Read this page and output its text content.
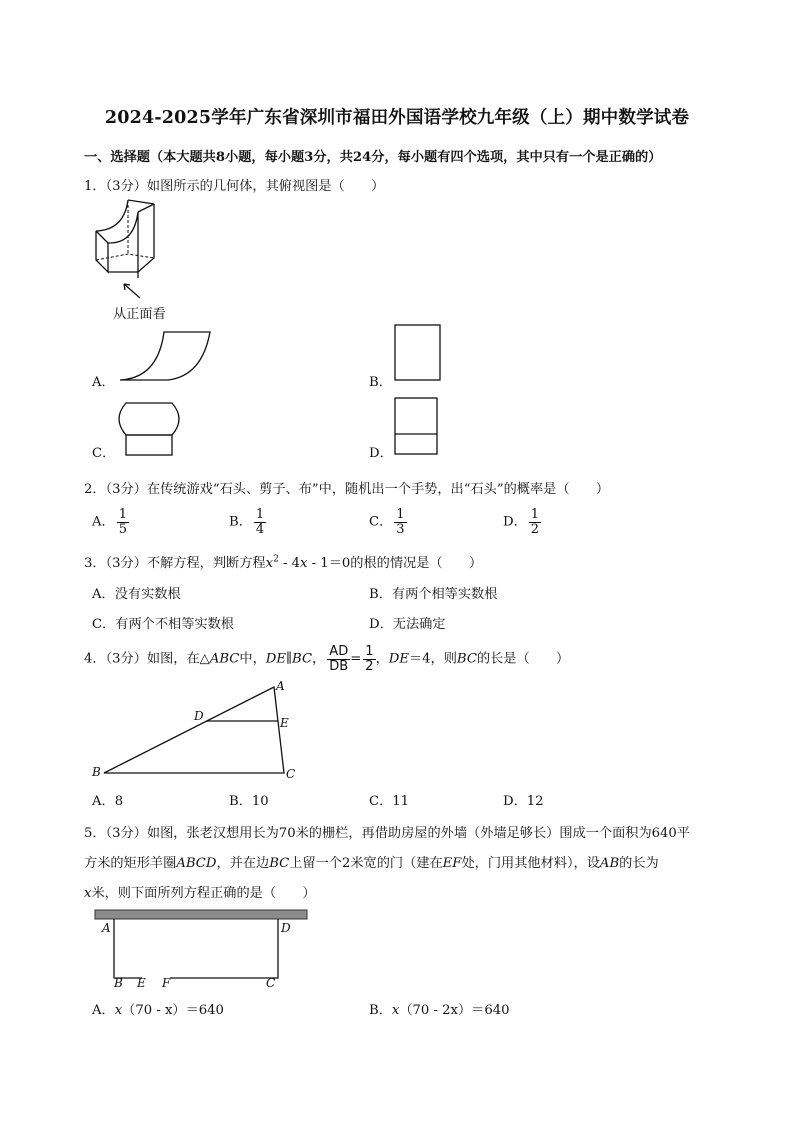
2024-2025学年广东省深圳市福田外国语学校九年级（上）期中数学试卷
一、选择题（本大题共8小题，每小题3分，共24分，每小题有四个选项，其中只有一个是正确的）
1．（3分）如图所示的几何体，其俯视图是（　　）
从正面看
A．	B．
C．	D．
2．（3分）在传统游戏“石头、剪子、布”中，随机出一个手势，出“石头”的概率是（　　）
A． $\frac{1}{5}$	B． $\frac{1}{4}$	C． $\frac{1}{3}$	D． $\frac{1}{2}$
3．（3分）不解方程，判断方程$x^2 - 4x - 1=0$的根的情况是（　　）
A．没有实数根	B．有两个相等实数根
C．有两个不相等实数根	D．无法确定
4．（3分）如图，在△ABC中，DE∥BC， $\frac{AD}{DB} = \frac{1}{2}$ ，DE＝4，则BC的长是（　　）
A
D	E
B	C
A．8	B．10	C．11	D．12
5．（3分）如图，张老汉想用长为70米的栅栏，再借助房屋的外墙（外墙足够长）围成一个面积为640平
方米的矩形羊圈ABCD，并在边BC上留一个2米宽的门（建在EF处，门用其他材料），设AB的长为
x米，则下面所列方程正确的是（　　）
A	D
B E F	C
A．x（70 - x）＝640	B．x（70 - 2x）＝640
